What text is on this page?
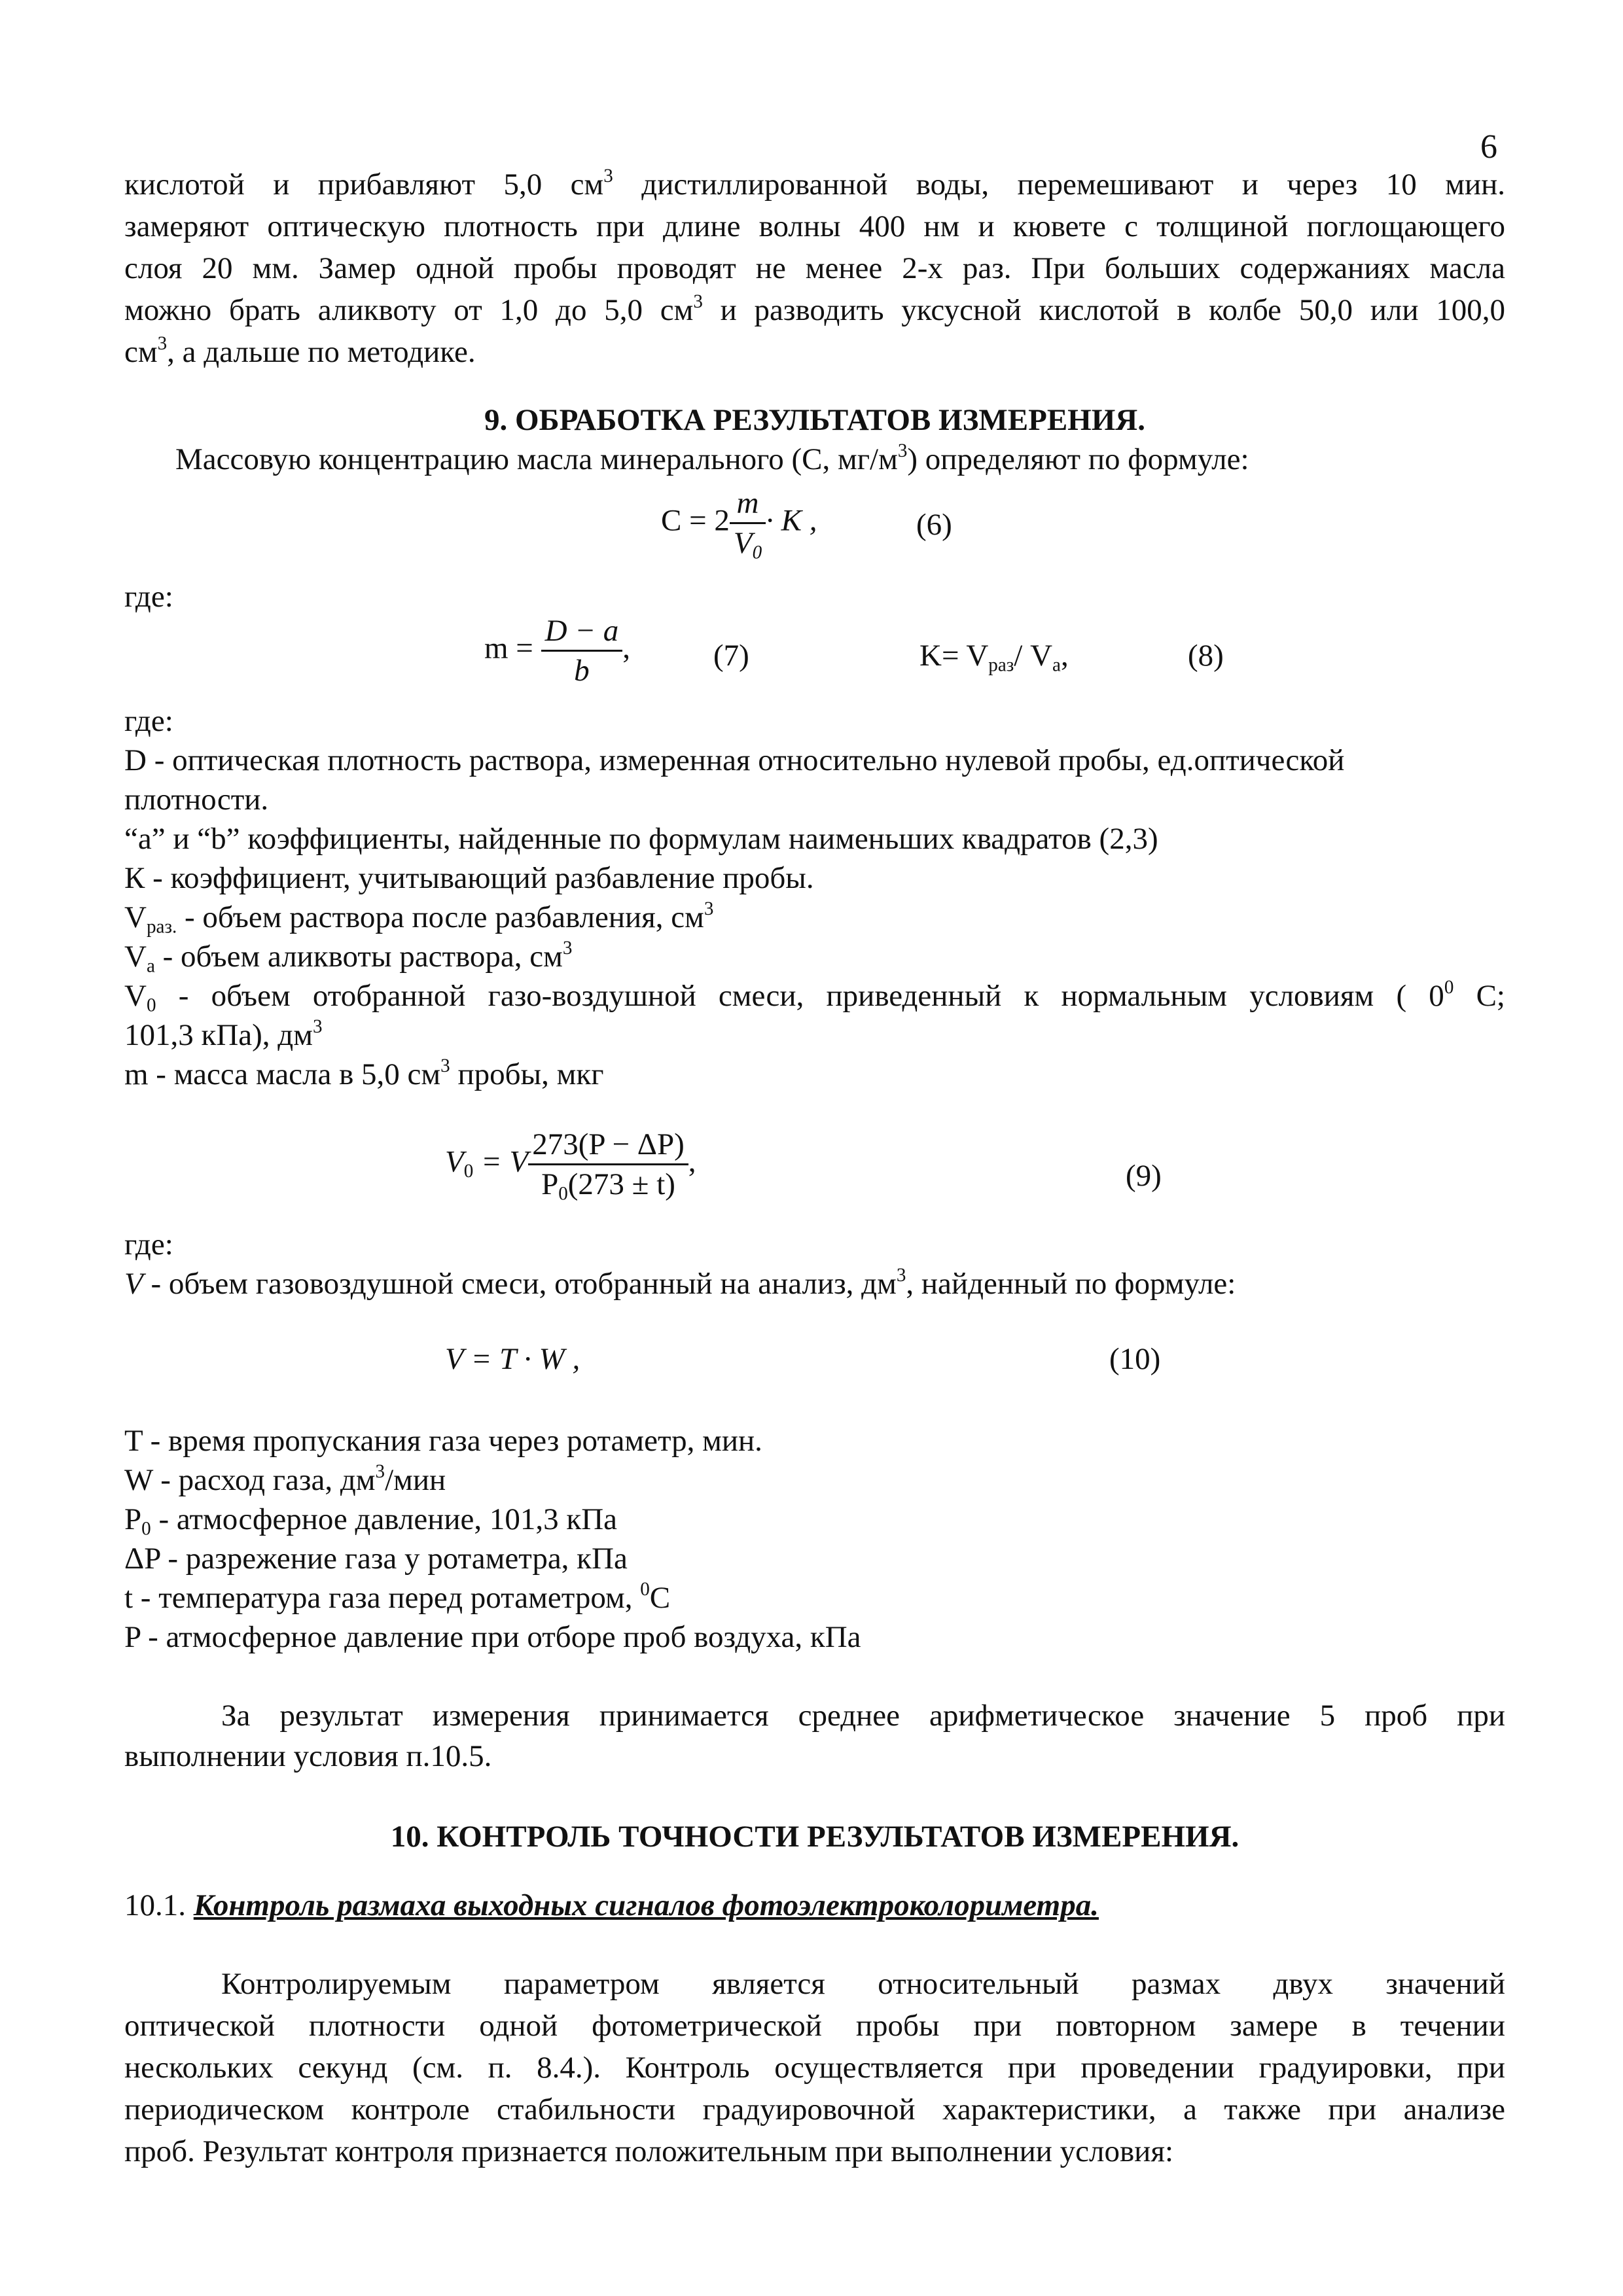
6
кислотой и прибавляют 5,0 $см^3$ дистиллированной воды, перемешивают и через 10 мин.
замеряют оптическую плотность при длине волны 400 нм и кювете с толщиной поглощающего
слоя 20 мм. Замер одной пробы проводят не менее 2-х раз. При больших содержаниях масла
можно брать аликвоту от 1,0 до 5,0 $см^3$ и разводить уксусной кислотой в колбе 50,0 или 100,0
$см^3$, а дальше по методике.
9. ОБРАБОТКА РЕЗУЛЬТАТОВ ИЗМЕРЕНИЯ.
Массовую концентрацию масла минерального (С, $мг/м^3$) определяют по формуле:
$C = 2 \frac{m}{V_0} \cdot K$ ,	(6)
где:
$m = \frac{D - a}{b}$ ,	(7)	$K= V_{раз}/$ $V_а$,	(8)
где:
D - оптическая плотность раствора, измеренная относительно нулевой пробы, ед.оптической
плотности.
“a” и “b” коэффициенты, найденные по формулам наименьших квадратов (2,3)
К - коэффициент, учитывающий разбавление пробы.
$V_{раз.}$ - объем раствора после разбавления, $см^3$
$V_а$ - объем аликвоты раствора, $см^3$
$V_0$ - объем отобранной газо-воздушной смеси, приведенный к нормальным условиям ( $0^0$ С;
101,3 кПа), $дм^3$
m - масса масла в 5,0 $см^3$ пробы, мкг
$V_0 = V \frac{273(P - \Delta P)}{P_0(273 \pm t)}$ ,	(9)
где:
V - объем газовоздушной смеси, отобранный на анализ, $дм^3$, найденный по формуле:
V = T · W ,	(10)
T - время пропускания газа через ротаметр, мин.
W - расход газа, $дм^3$/мин
$P_0$ - атмосферное давление, 101,3 кПа
ΔP - разрежение газа у ротаметра, кПа
t - температура газа перед ротаметром, $^0$C
P - атмосферное давление при отборе проб воздуха, кПа
За результат измерения принимается среднее арифметическое значение 5 проб при
выполнении условия п.10.5.
10. КОНТРОЛЬ ТОЧНОСТИ РЕЗУЛЬТАТОВ ИЗМЕРЕНИЯ.
10.1. Контроль размаха выходных сигналов фотоэлектроколориметра.
Контролируемым параметром является относительный размах двух значений
оптической плотности одной фотометрической пробы при повторном замере в течении
нескольких секунд (см. п. 8.4.). Контроль осуществляется при проведении градуировки, при
периодическом контроле стабильности градуировочной характеристики, а также при анализе
проб. Результат контроля признается положительным при выполнении условия:
